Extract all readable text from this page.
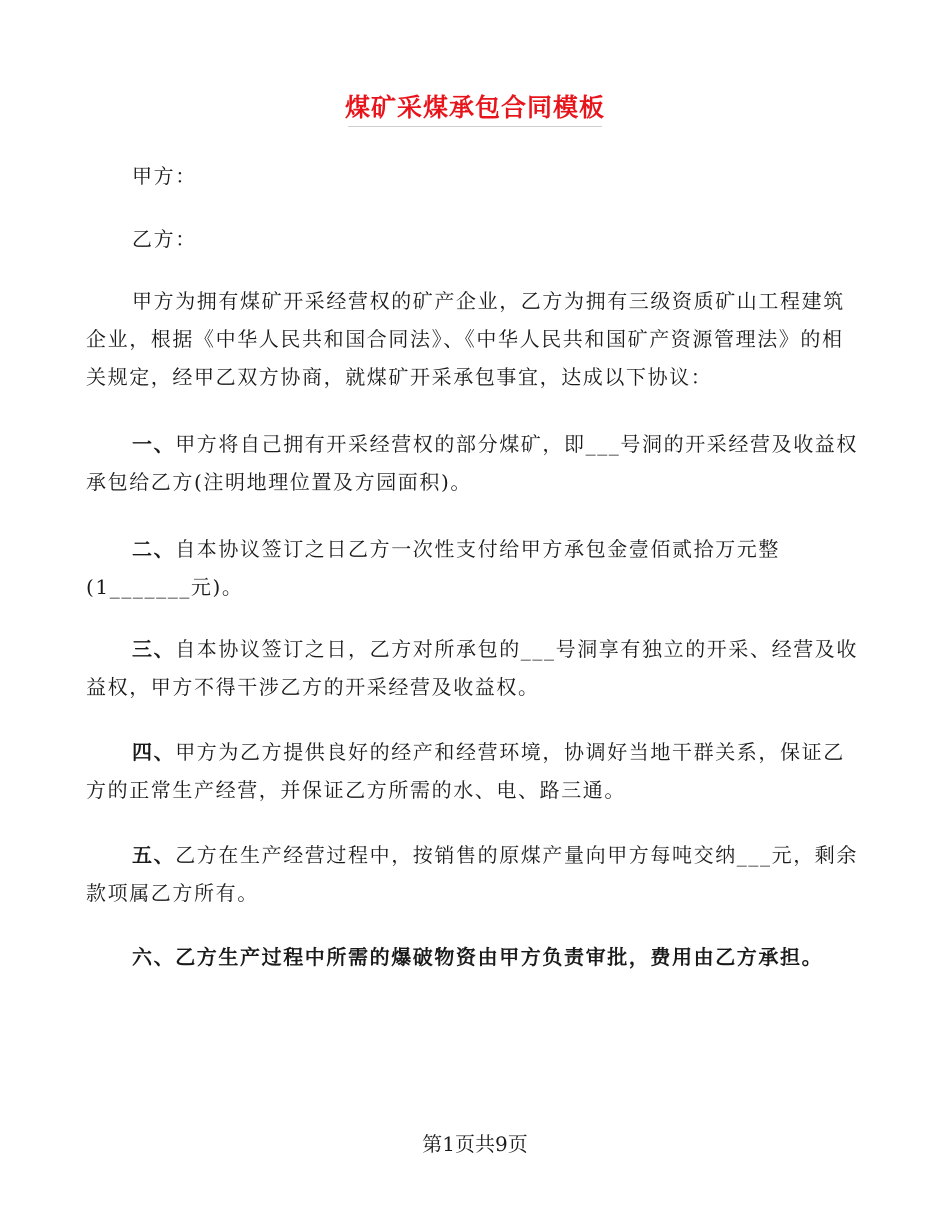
煤矿采煤承包合同模板

甲方：

乙方：

甲方为拥有煤矿开采经营权的矿产企业，乙方为拥有三级资质矿山工程建筑企业，根据《中华人民共和国合同法》、《中华人民共和国矿产资源管理法》的相关规定，经甲乙双方协商，就煤矿开采承包事宜，达成以下协议：

一、甲方将自己拥有开采经营权的部分煤矿，即___号洞的开采经营及收益权承包给乙方(注明地理位置及方园面积)。

二、自本协议签订之日乙方一次性支付给甲方承包金壹佰贰拾万元整(1_______元)。

三、自本协议签订之日，乙方对所承包的___号洞享有独立的开采、经营及收益权，甲方不得干涉乙方的开采经营及收益权。

四、甲方为乙方提供良好的经产和经营环境，协调好当地干群关系，保证乙方的正常生产经营，并保证乙方所需的水、电、路三通。

五、乙方在生产经营过程中，按销售的原煤产量向甲方每吨交纳___元，剩余款项属乙方所有。

六、乙方生产过程中所需的爆破物资由甲方负责审批，费用由乙方承担。

第1页共9页
